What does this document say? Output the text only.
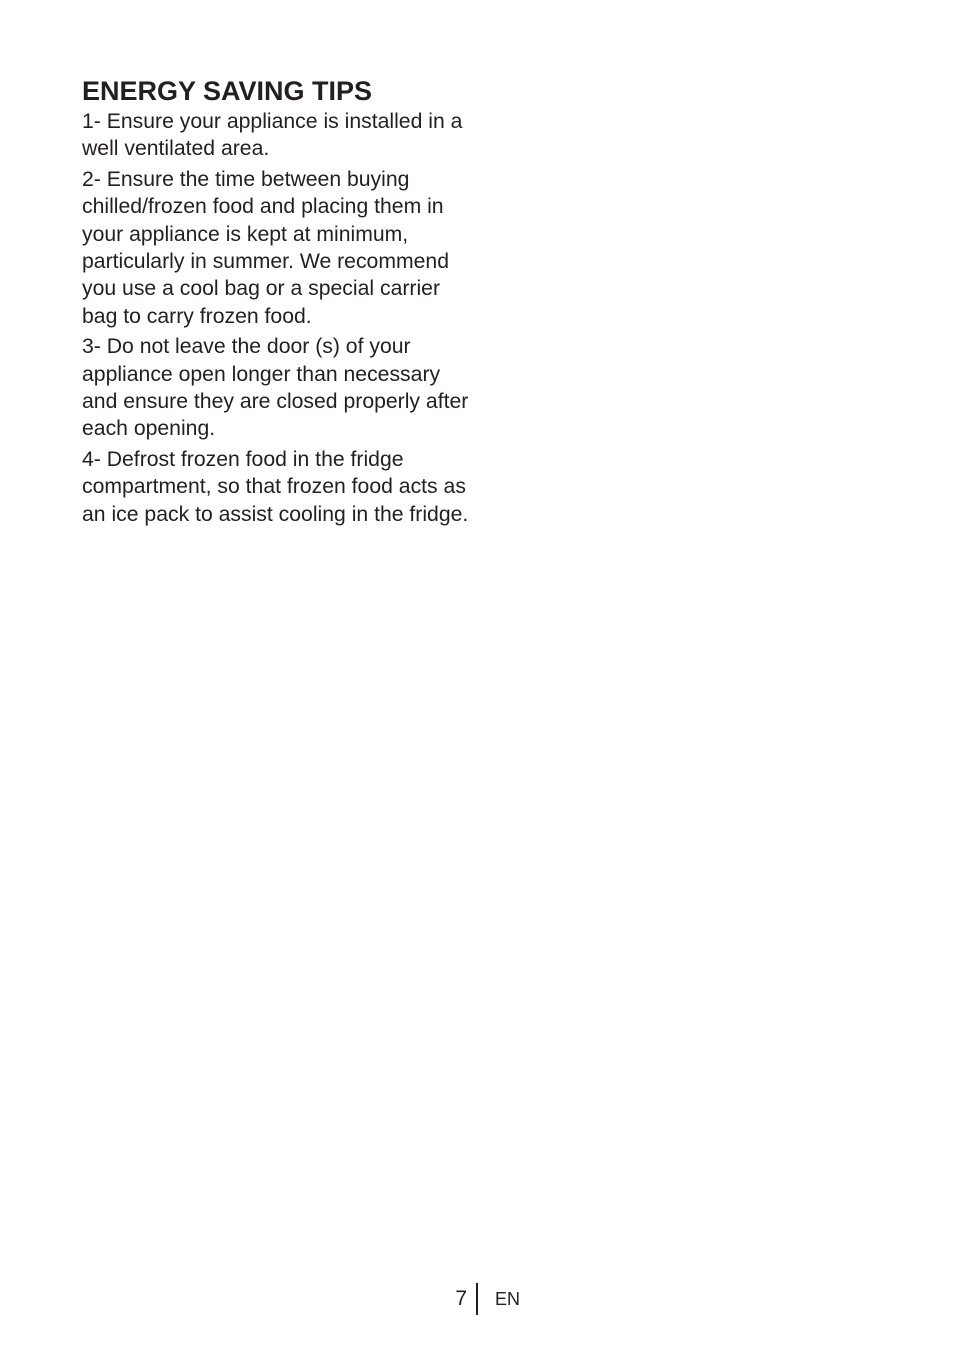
ENERGY SAVING TIPS

1- Ensure your appliance is installed in a well ventilated area.

2- Ensure the time between buying chilled/frozen food and placing them in your appliance is kept at minimum, particularly in summer. We recommend you use a cool bag or a special carrier bag to carry frozen food.

3- Do not leave the door (s) of your appliance open longer than necessary and ensure they are closed properly after each opening.

4- Defrost frozen food in the fridge compartment, so that frozen food acts as an ice pack to assist cooling in the fridge.

7 EN
